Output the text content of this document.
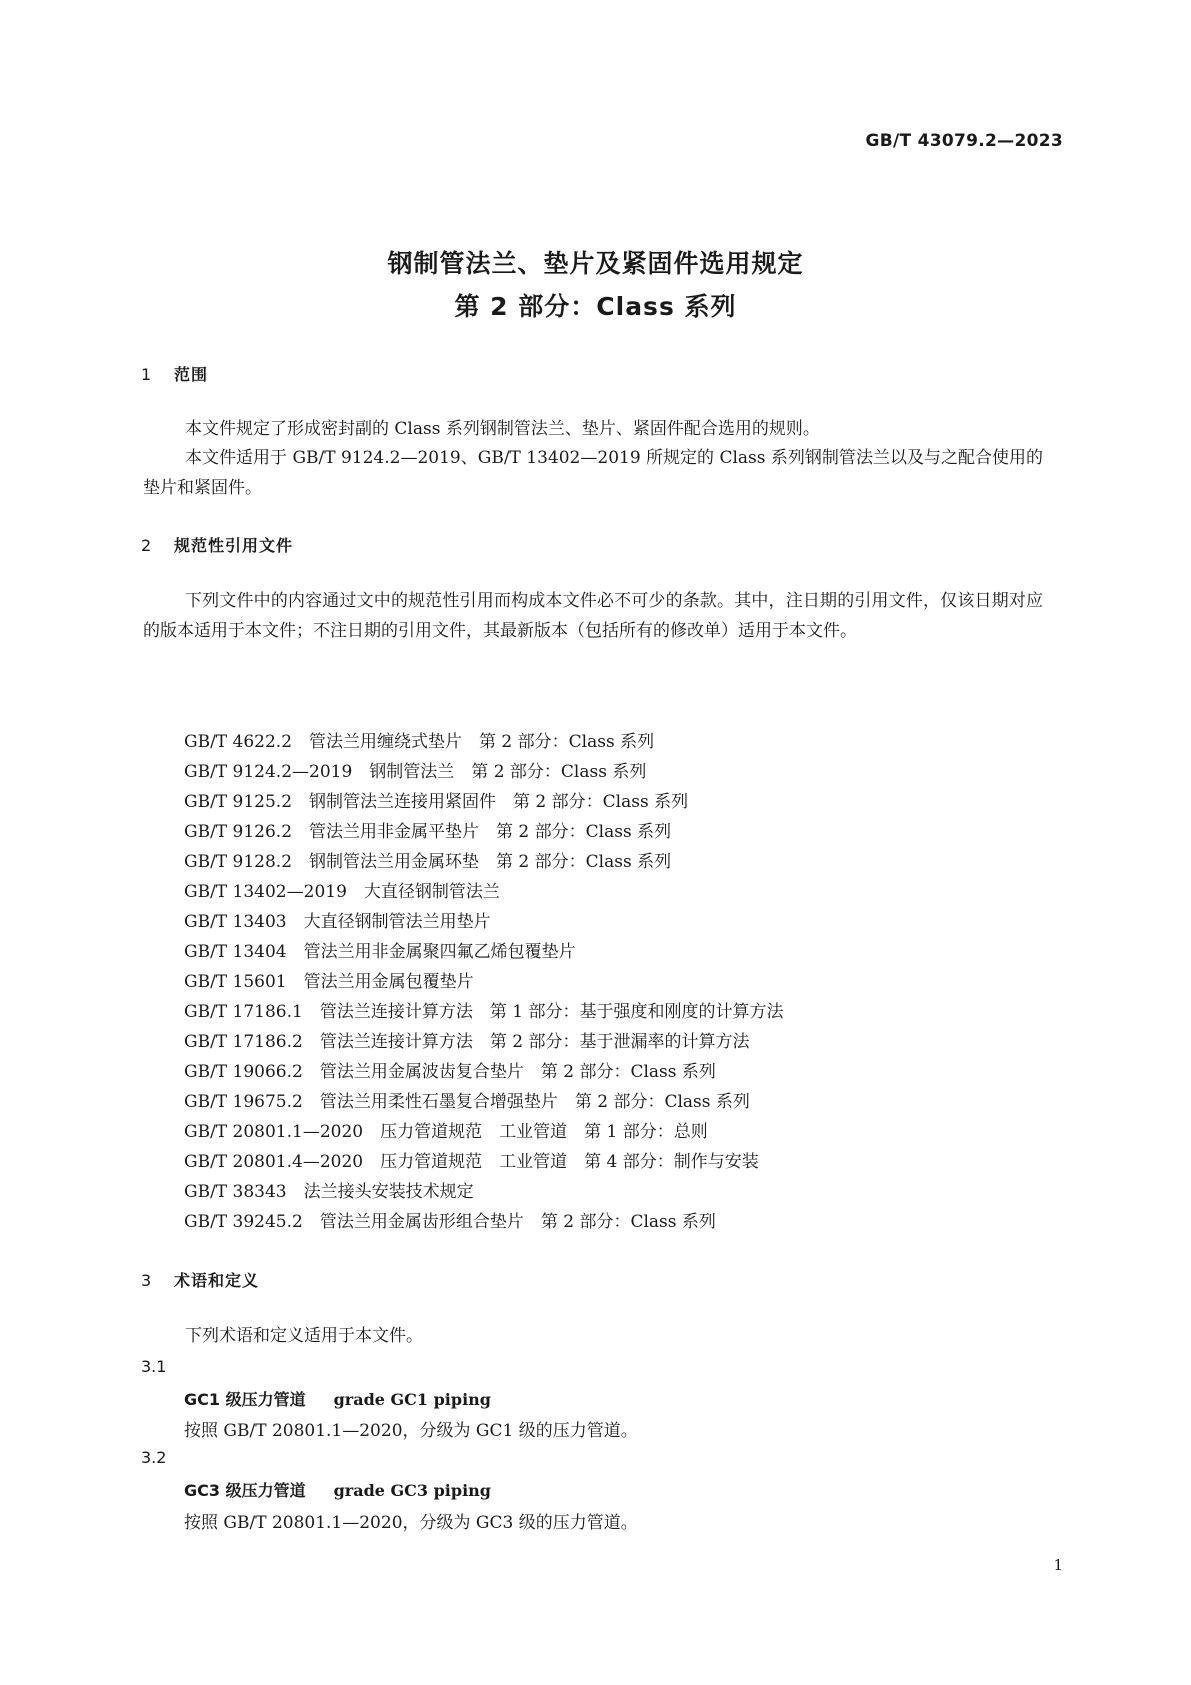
GB/T 43079.2—2023
钢制管法兰、垫片及紧固件选用规定
第 2 部分：Class 系列
1 范围
本文件规定了形成密封副的 Class 系列钢制管法兰、垫片、紧固件配合选用的规则。
本文件适用于 GB/T 9124.2—2019、GB/T 13402—2019 所规定的 Class 系列钢制管法兰以及与之配合使用的垫片和紧固件。
2 规范性引用文件
下列文件中的内容通过文中的规范性引用而构成本文件必不可少的条款。其中，注日期的引用文件，仅该日期对应的版本适用于本文件；不注日期的引用文件，其最新版本（包括所有的修改单）适用于本文件。
GB/T 4622.2 管法兰用缠绕式垫片　第 2 部分：Class 系列
GB/T 9124.2—2019 钢制管法兰　第 2 部分：Class 系列
GB/T 9125.2 钢制管法兰连接用紧固件　第 2 部分：Class 系列
GB/T 9126.2 管法兰用非金属平垫片　第 2 部分：Class 系列
GB/T 9128.2 钢制管法兰用金属环垫　第 2 部分：Class 系列
GB/T 13402—2019 大直径钢制管法兰
GB/T 13403 大直径钢制管法兰用垫片
GB/T 13404 管法兰用非金属聚四氟乙烯包覆垫片
GB/T 15601 管法兰用金属包覆垫片
GB/T 17186.1 管法兰连接计算方法　第 1 部分：基于强度和刚度的计算方法
GB/T 17186.2 管法兰连接计算方法　第 2 部分：基于泄漏率的计算方法
GB/T 19066.2 管法兰用金属波齿复合垫片　第 2 部分：Class 系列
GB/T 19675.2 管法兰用柔性石墨复合增强垫片　第 2 部分：Class 系列
GB/T 20801.1—2020 压力管道规范　工业管道　第 1 部分：总则
GB/T 20801.4—2020 压力管道规范　工业管道　第 4 部分：制作与安装
GB/T 38343 法兰接头安装技术规定
GB/T 39245.2 管法兰用金属齿形组合垫片　第 2 部分：Class 系列
3 术语和定义
下列术语和定义适用于本文件。
3.1
GC1 级压力管道 grade GC1 piping
按照 GB/T 20801.1—2020，分级为 GC1 级的压力管道。
3.2
GC3 级压力管道 grade GC3 piping
按照 GB/T 20801.1—2020，分级为 GC3 级的压力管道。
1
